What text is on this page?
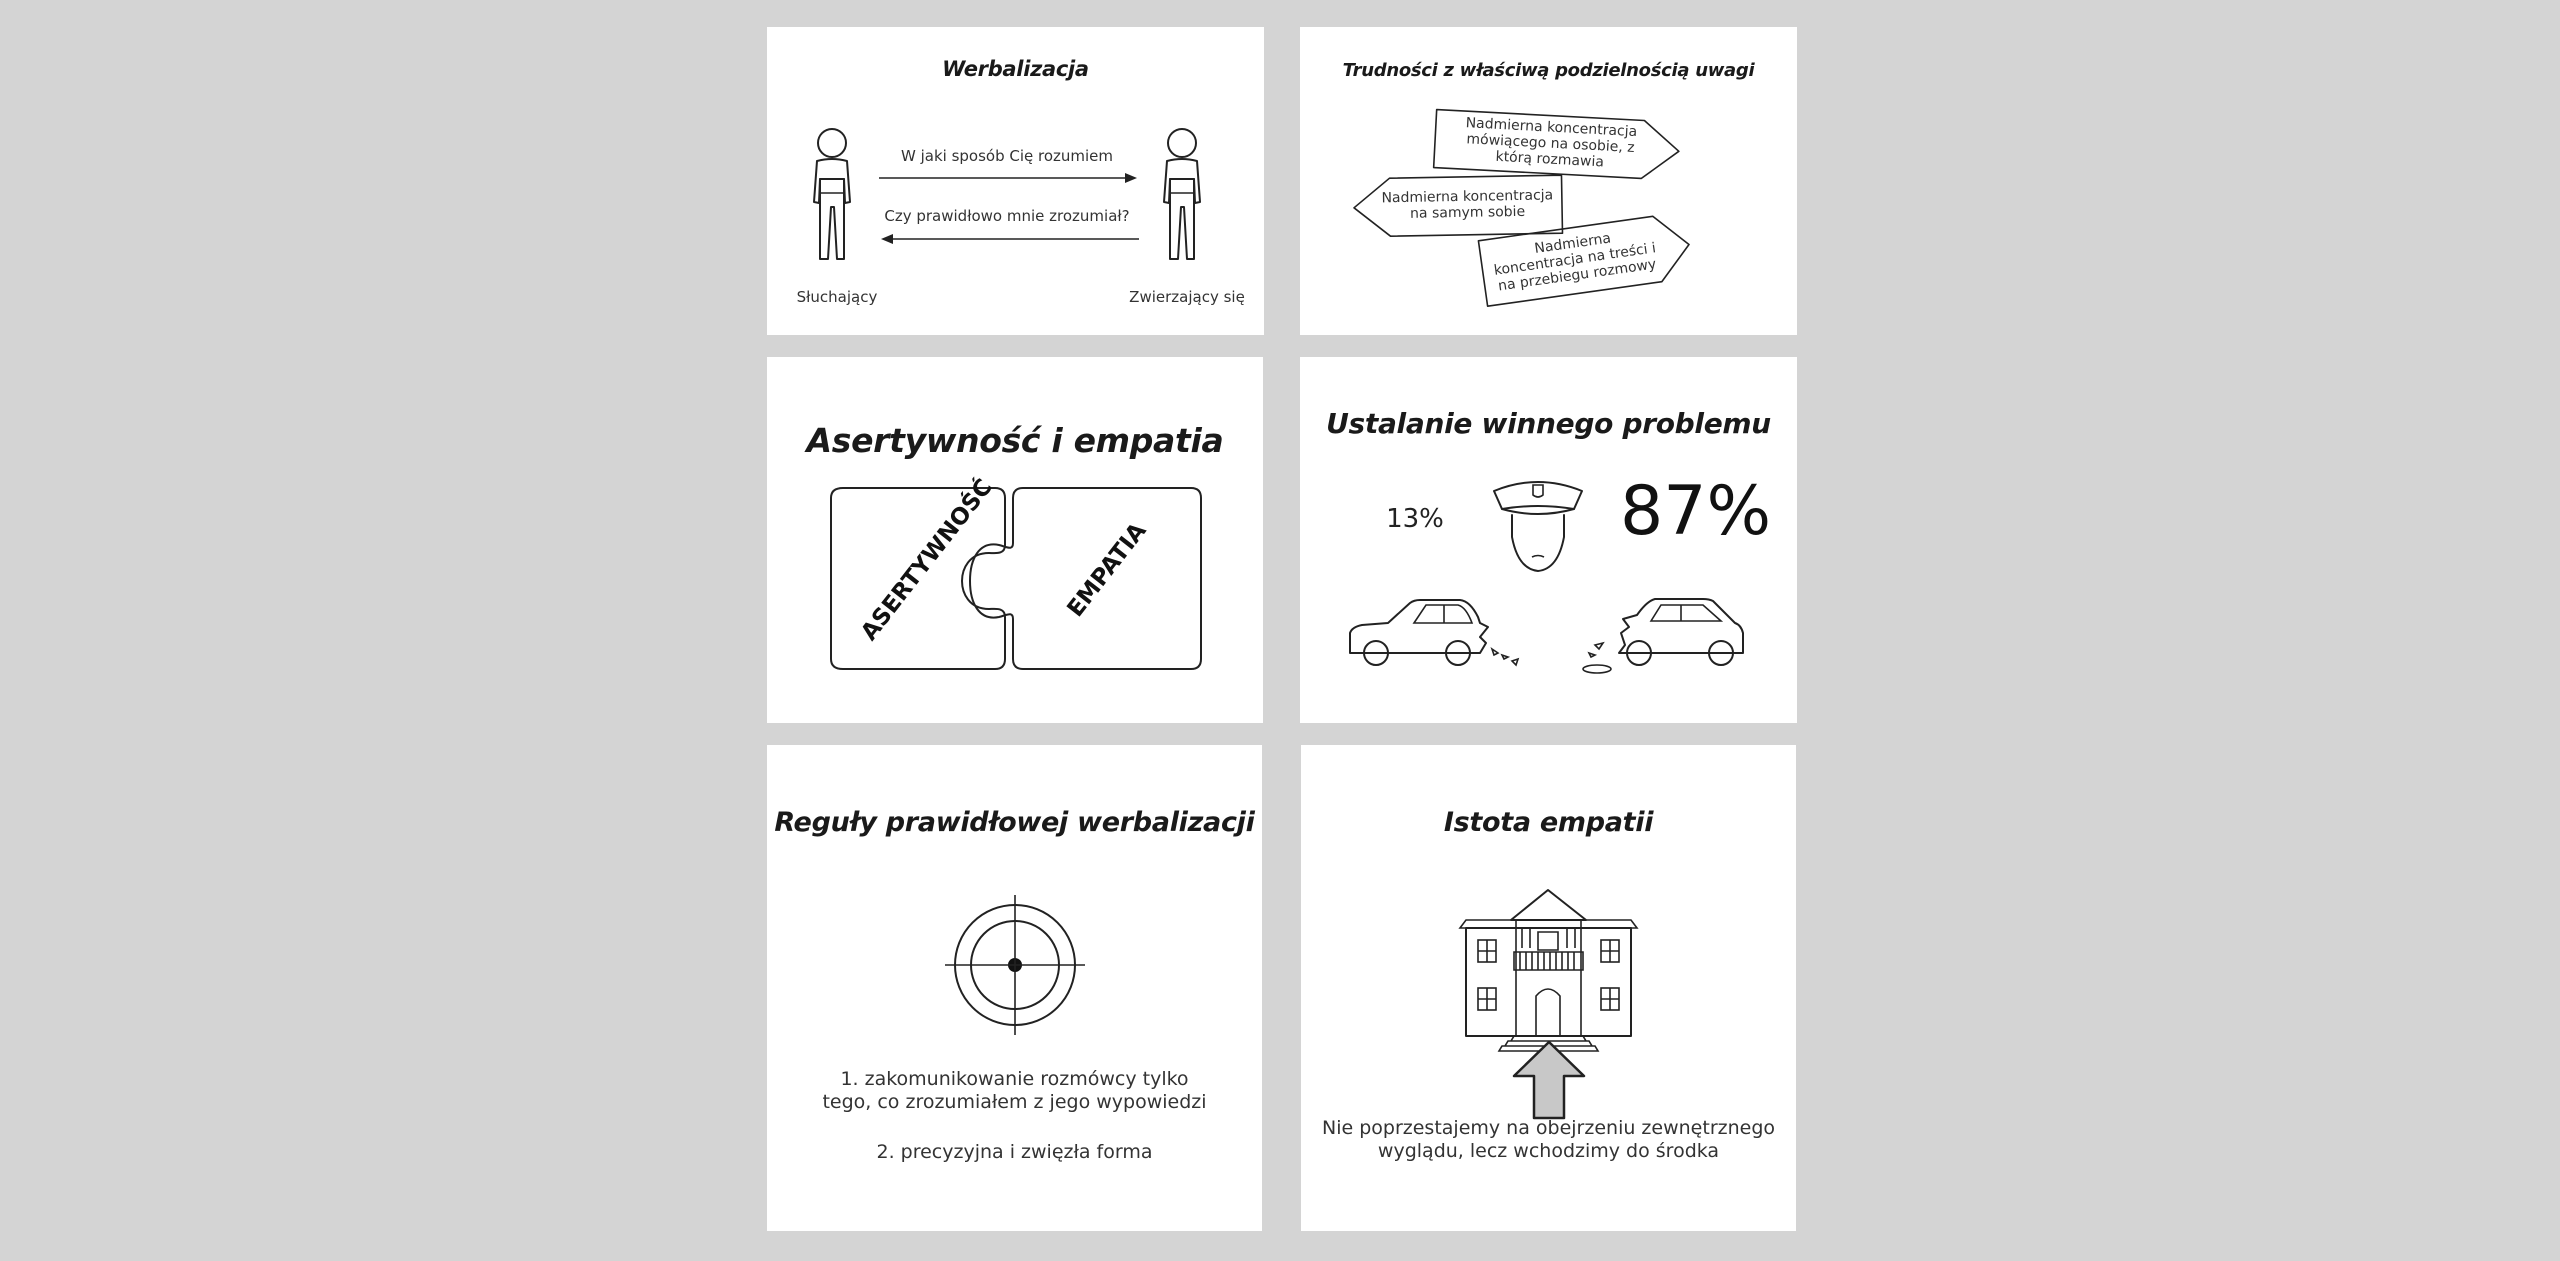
Werbalizacja
W jaki sposób Cię rozumiem
Czy prawidłowo mnie zrozumiał?
Słuchający	Zwierzający się
Trudności z właściwą podzielnością uwagi
Nadmierna koncentracja mówiącego na osobie, z którą rozmawia
Nadmierna koncentracja na samym sobie
Nadmierna koncentracja na treści i na przebiegu rozmowy
Asertywność i empatia
ASERTYWNOŚĆ	EMPATIA
Ustalanie winnego problemu
13%	87%
Reguły prawidłowej werbalizacji
1. zakomunikowanie rozmówcy tylko
tego, co zrozumiałem z jego wypowiedzi
2. precyzyjna i zwięzła forma
Istota empatii
Nie poprzestajemy na obejrzeniu zewnętrznego
wyglądu, lecz wchodzimy do środka
